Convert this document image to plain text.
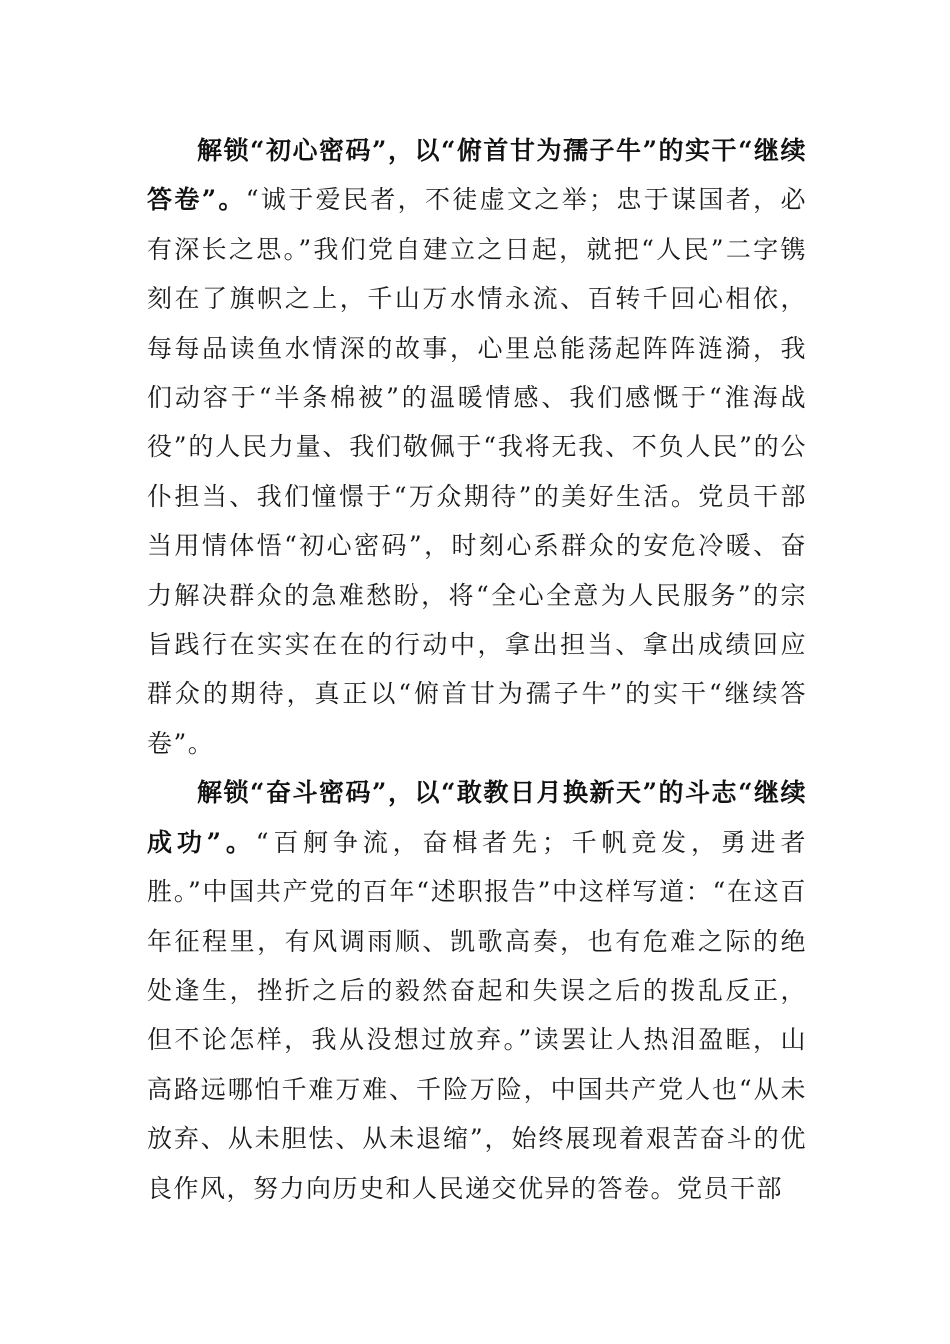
解锁“初心密码”，以“俯首甘为孺子牛”的实干“继续答卷”。“诚于爱民者，不徒虚文之举；忠于谋国者，必有深长之思。”我们党自建立之日起，就把“人民”二字镌刻在了旗帜之上，千山万水情永流、百转千回心相依，每每品读鱼水情深的故事，心里总能荡起阵阵涟漪，我们动容于“半条棉被”的温暖情感、我们感慨于“淮海战役”的人民力量、我们敬佩于“我将无我、不负人民”的公仆担当、我们憧憬于“万众期待”的美好生活。党员干部当用情体悟“初心密码”，时刻心系群众的安危冷暖、奋力解决群众的急难愁盼，将“全心全意为人民服务”的宗旨践行在实实在在的行动中，拿出担当、拿出成绩回应群众的期待，真正以“俯首甘为孺子牛”的实干“继续答卷”。

解锁“奋斗密码”，以“敢教日月换新天”的斗志“继续成功”。“百舸争流，奋楫者先；千帆竞发，勇进者胜。”中国共产党的百年“述职报告”中这样写道：“在这百年征程里，有风调雨顺、凯歌高奏，也有危难之际的绝处逢生，挫折之后的毅然奋起和失误之后的拨乱反正，但不论怎样，我从没想过放弃。”读罢让人热泪盈眶，山高路远哪怕千难万难、千险万险，中国共产党人也“从未放弃、从未胆怯、从未退缩”，始终展现着艰苦奋斗的优良作风，努力向历史和人民递交优异的答卷。党员干部
